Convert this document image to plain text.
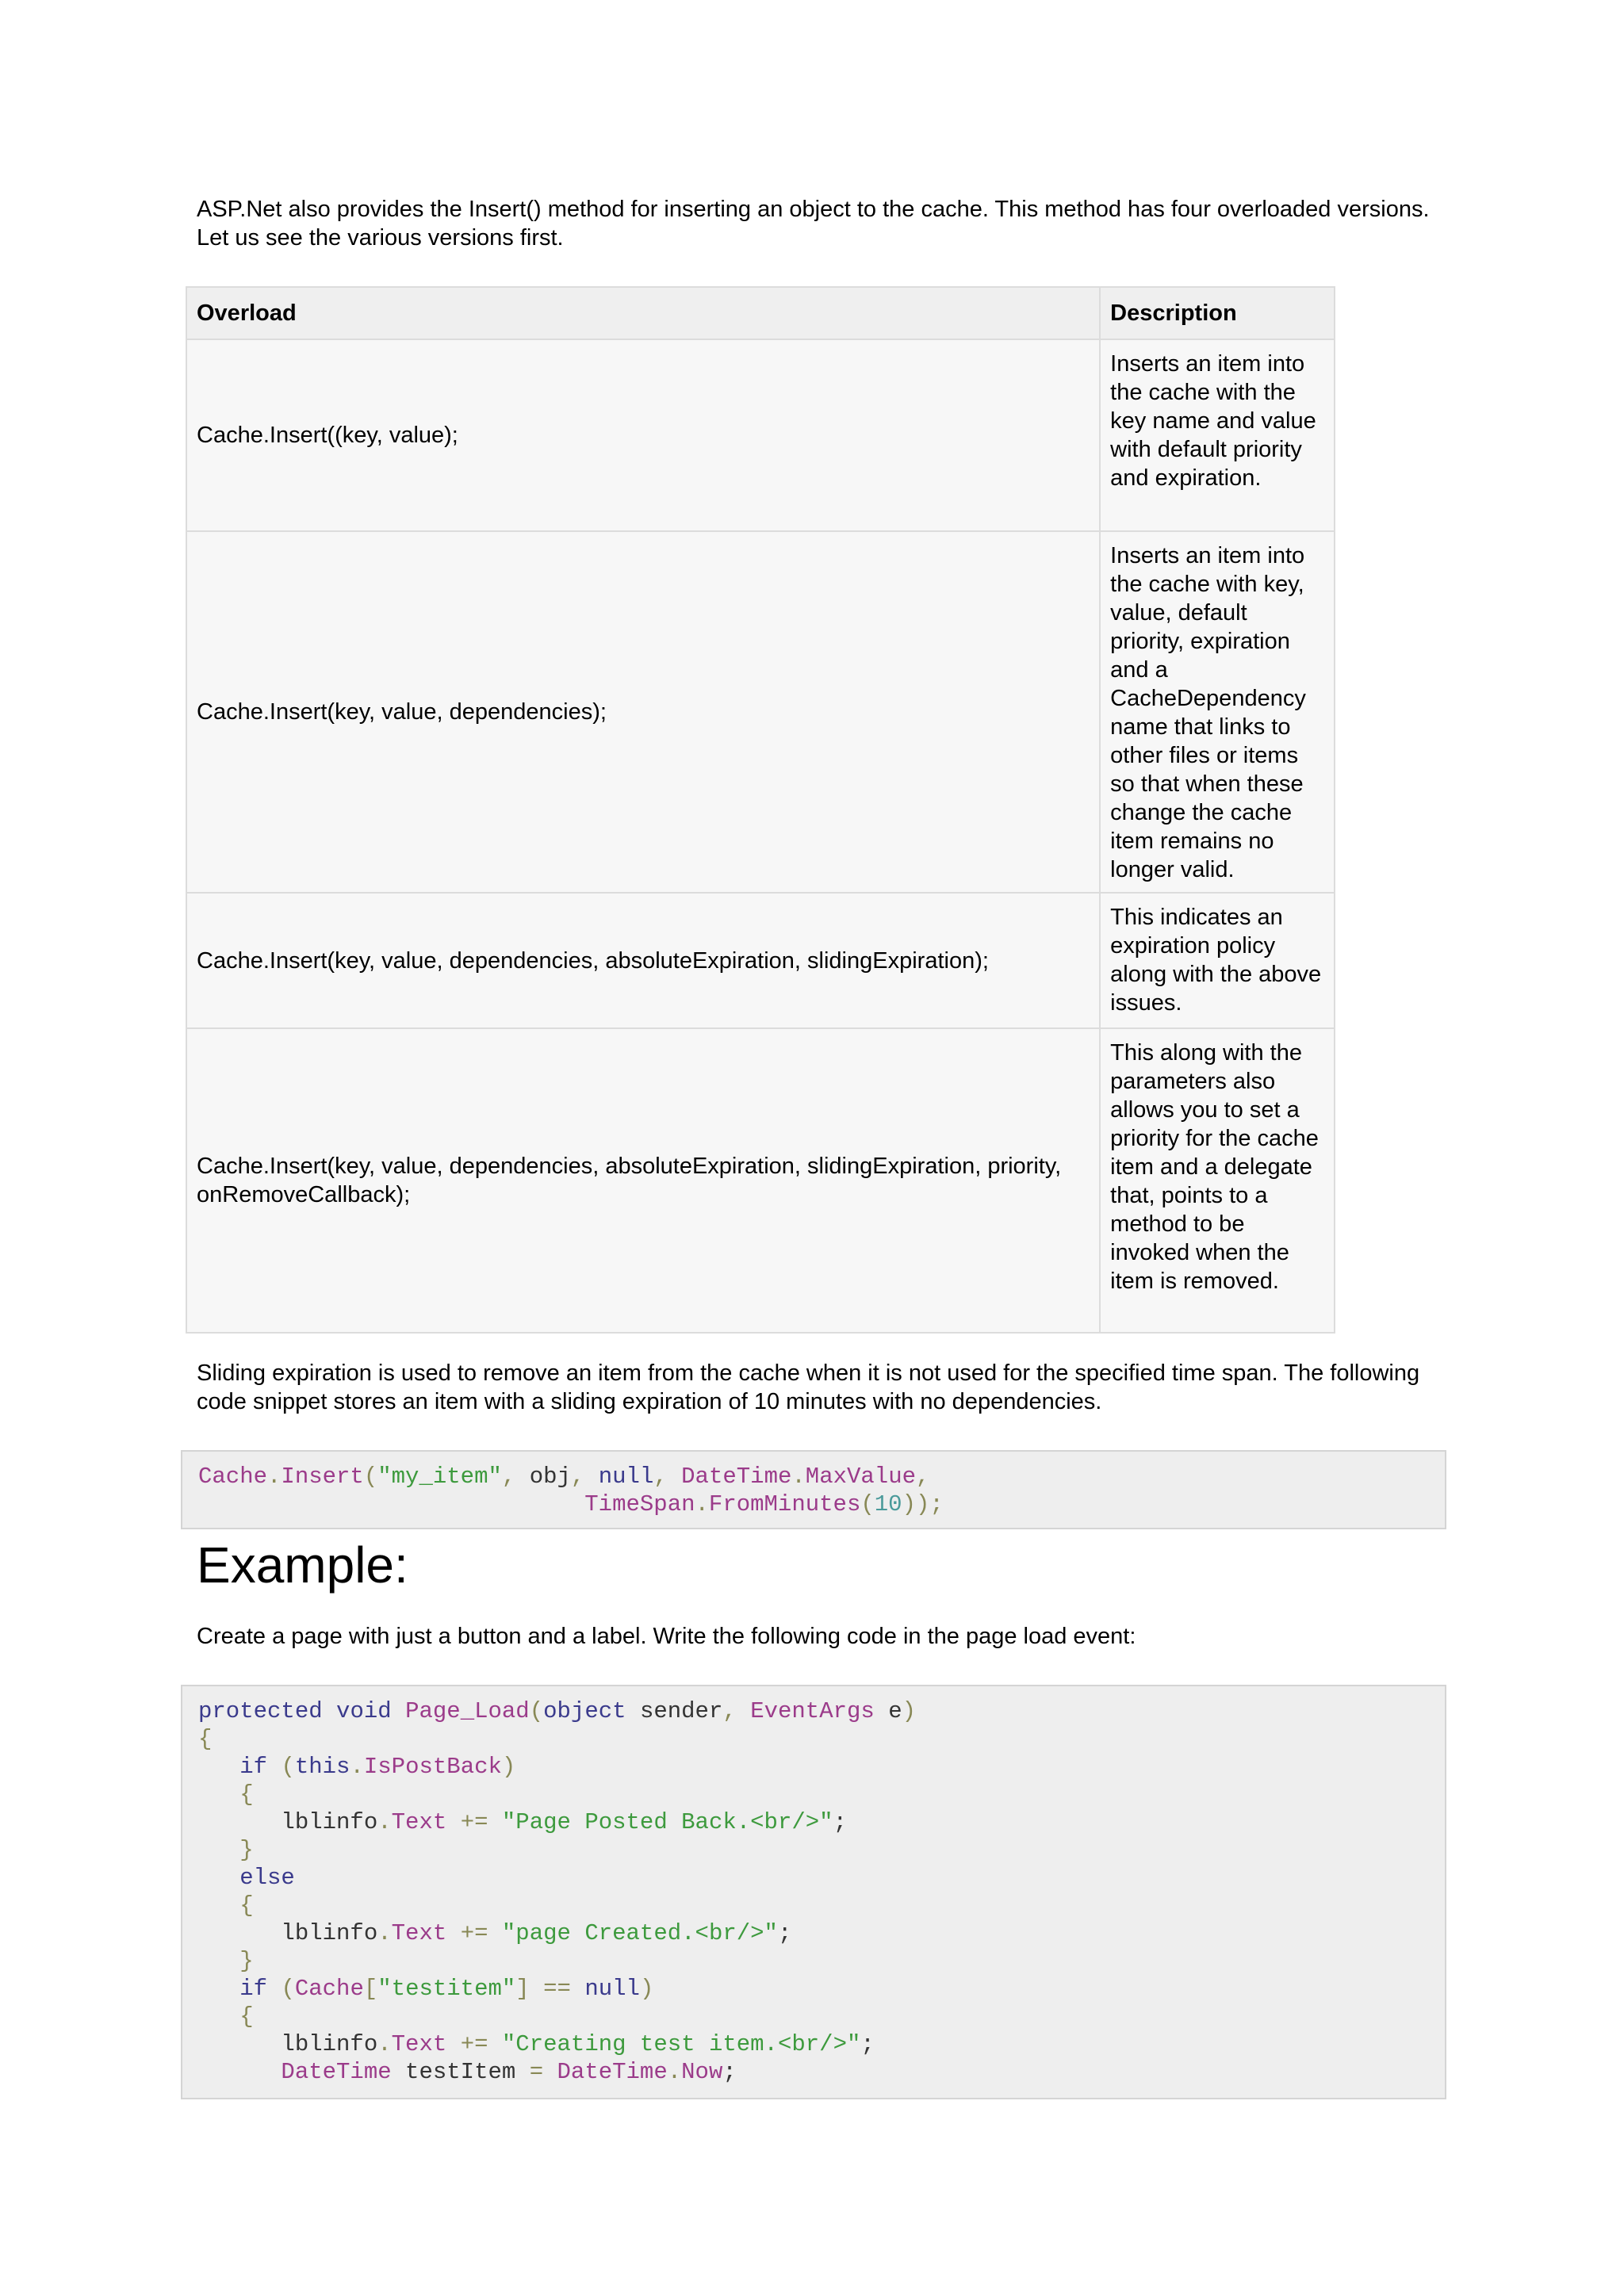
ASP.Net also provides the Insert() method for inserting an object to the cache. This method has four overloaded versions. Let us see the various versions first.

Overload	Description
Cache.Insert((key, value);	Inserts an item into the cache with the key name and value with default priority and expiration.
Cache.Insert(key, value, dependencies);	Inserts an item into the cache with key, value, default priority, expiration and a CacheDependency name that links to other files or items so that when these change the cache item remains no longer valid.
Cache.Insert(key, value, dependencies, absoluteExpiration, slidingExpiration);	This indicates an expiration policy along with the above issues.
Cache.Insert(key, value, dependencies, absoluteExpiration, slidingExpiration, priority, onRemoveCallback);	This along with the parameters also allows you to set a priority for the cache item and a delegate that, points to a method to be invoked when the item is removed.

Sliding expiration is used to remove an item from the cache when it is not used for the specified time span. The following code snippet stores an item with a sliding expiration of 10 minutes with no dependencies.

Cache.Insert("my_item", obj, null, DateTime.MaxValue,
TimeSpan.FromMinutes(10));
Example:

Create a page with just a button and a label. Write the following code in the page load event:

protected void Page_Load(object sender, EventArgs e)
{
if (this.IsPostBack)
{
lblinfo.Text += "Page Posted Back.<br/>";
}
else
{
lblinfo.Text += "page Created.<br/>";
}
if (Cache["testitem"] == null)
{
lblinfo.Text += "Creating test item.<br/>";
DateTime testItem = DateTime.Now;
